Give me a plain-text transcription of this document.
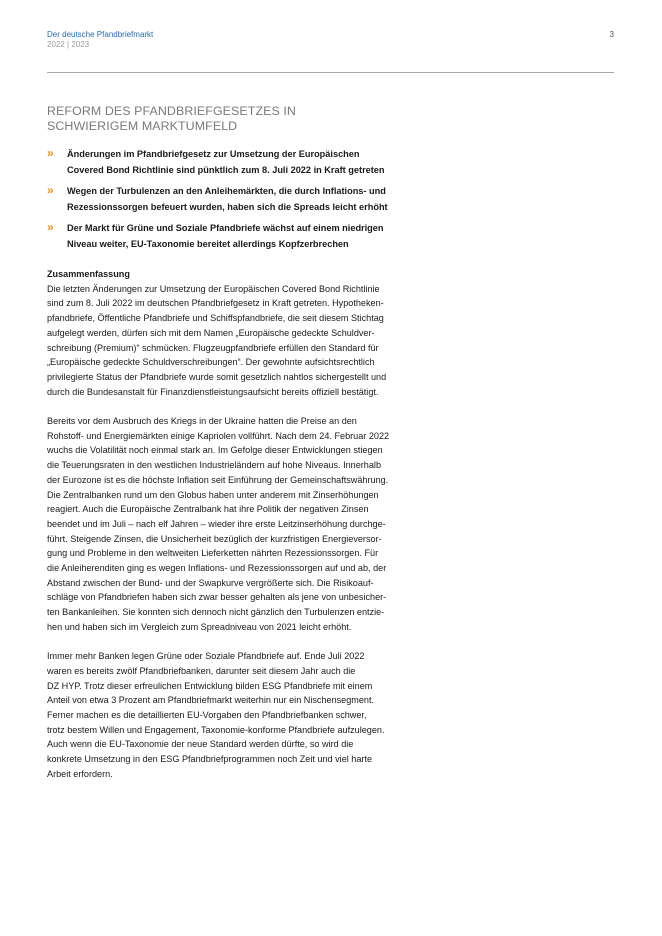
Der deutsche Pfandbriefmarkt
2022 | 2023
3
REFORM DES PFANDBRIEFGESETZES IN
SCHWIERIGEM MARKTUMFELD
» Änderungen im Pfandbriefgesetz zur Umsetzung der Europäischen
Covered Bond Richtlinie sind pünktlich zum 8. Juli 2022 in Kraft getreten
» Wegen der Turbulenzen an den Anleihemärkten, die durch Inflations- und
Rezessionssorgen befeuert wurden, haben sich die Spreads leicht erhöht
» Der Markt für Grüne und Soziale Pfandbriefe wächst auf einem niedrigen
Niveau weiter, EU-Taxonomie bereitet allerdings Kopfzerbrechen

Zusammenfassung

Die letzten Änderungen zur Umsetzung der Europäischen Covered Bond Richtlinie
sind zum 8. Juli 2022 im deutschen Pfandbriefgesetz in Kraft getreten. Hypotheken-
pfandbriefe, Öffentliche Pfandbriefe und Schiffspfandbriefe, die seit diesem Stichtag
aufgelegt werden, dürfen sich mit dem Namen „Europäische gedeckte Schuldver-
schreibung (Premium)“ schmücken. Flugzeugpfandbriefe erfüllen den Standard für
„Europäische gedeckte Schuldverschreibungen“. Der gewohnte aufsichtsrechtlich
privilegierte Status der Pfandbriefe wurde somit gesetzlich nahtlos sichergestellt und
durch die Bundesanstalt für Finanzdienstleistungsaufsicht bereits offiziell bestätigt.
Bereits vor dem Ausbruch des Kriegs in der Ukraine hatten die Preise an den
Rohstoff- und Energiemärkten einige Kapriolen vollführt. Nach dem 24. Februar 2022
wuchs die Volatilität noch einmal stark an. Im Gefolge dieser Entwicklungen stiegen
die Teuerungsraten in den westlichen Industrieländern auf hohe Niveaus. Innerhalb
der Eurozone ist es die höchste Inflation seit Einführung der Gemeinschaftswährung.
Die Zentralbanken rund um den Globus haben unter anderem mit Zinserhöhungen
reagiert. Auch die Europäische Zentralbank hat ihre Politik der negativen Zinsen
beendet und im Juli – nach elf Jahren – wieder ihre erste Leitzinserhöhung durchge-
führt. Steigende Zinsen, die Unsicherheit bezüglich der kurzfristigen Energieversor-
gung und Probleme in den weltweiten Lieferketten nährten Rezessionssorgen. Für
die Anleiherenditen ging es wegen Inflations- und Rezessionssorgen auf und ab, der
Abstand zwischen der Bund- und der Swapkurve vergrößerte sich. Die Risikoauf-
schläge von Pfandbriefen haben sich zwar besser gehalten als jene von unbesicher-
ten Bankanleihen. Sie konnten sich dennoch nicht gänzlich den Turbulenzen entzie-
hen und haben sich im Vergleich zum Spreadniveau von 2021 leicht erhöht.
Immer mehr Banken legen Grüne oder Soziale Pfandbriefe auf. Ende Juli 2022
waren es bereits zwölf Pfandbriefbanken, darunter seit diesem Jahr auch die
DZ HYP. Trotz dieser erfreulichen Entwicklung bilden ESG Pfandbriefe mit einem
Anteil von etwa 3 Prozent am Pfandbriefmarkt weiterhin nur ein Nischensegment.
Ferner machen es die detaillierten EU-Vorgaben den Pfandbriefbanken schwer,
trotz bestem Willen und Engagement, Taxonomie-konforme Pfandbriefe aufzulegen.
Auch wenn die EU-Taxonomie der neue Standard werden dürfte, so wird die
konkrete Umsetzung in den ESG Pfandbriefprogrammen noch Zeit und viel harte
Arbeit erfordern.
